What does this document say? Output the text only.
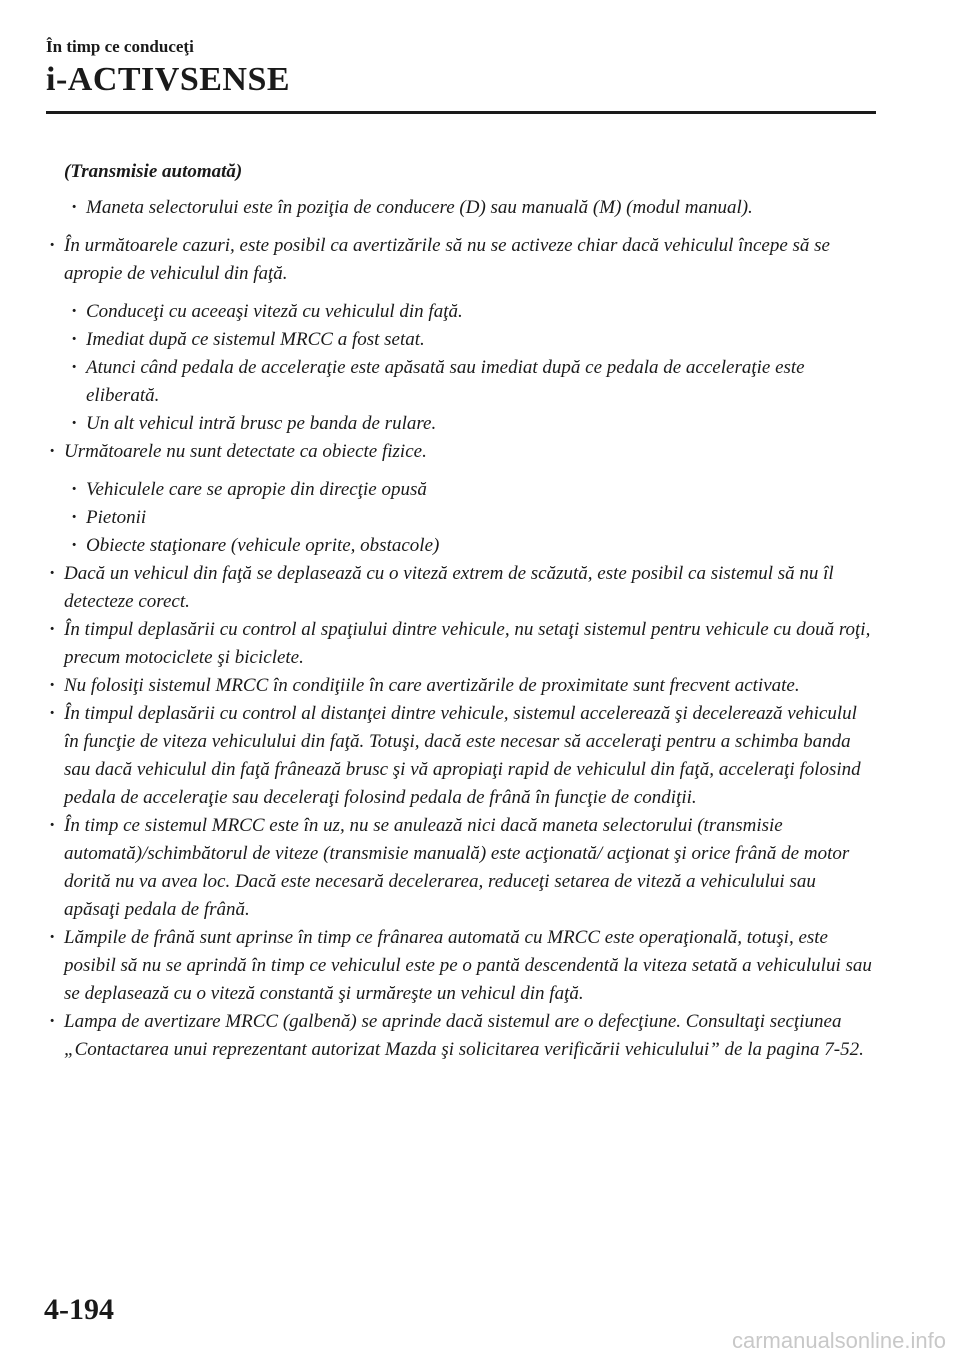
În timp ce conduceţi
i-ACTIVSENSE
(Transmisie automată)
· Maneta selectorului este în poziţia de conducere (D) sau manuală (M) (modul manual).
· În următoarele cazuri, este posibil ca avertizările să nu se activeze chiar dacă vehiculul începe să se apropie de vehiculul din faţă.
· Conduceţi cu aceeaşi viteză cu vehiculul din faţă.
· Imediat după ce sistemul MRCC a fost setat.
· Atunci când pedala de acceleraţie este apăsată sau imediat după ce pedala de acceleraţie este eliberată.
· Un alt vehicul intră brusc pe banda de rulare.
· Următoarele nu sunt detectate ca obiecte fizice.
· Vehiculele care se apropie din direcţie opusă
· Pietonii
· Obiecte staţionare (vehicule oprite, obstacole)
· Dacă un vehicul din faţă se deplasează cu o viteză extrem de scăzută, este posibil ca sistemul să nu îl detecteze corect.
· În timpul deplasării cu control al spaţiului dintre vehicule, nu setaţi sistemul pentru vehicule cu două roţi, precum motociclete şi biciclete.
· Nu folosiţi sistemul MRCC în condiţiile în care avertizările de proximitate sunt frecvent activate.
· În timpul deplasării cu control al distanţei dintre vehicule, sistemul accelerează şi decelerează vehiculul în funcţie de viteza vehiculului din faţă. Totuşi, dacă este necesar să acceleraţi pentru a schimba banda sau dacă vehiculul din faţă frânează brusc şi vă apropiaţi rapid de vehiculul din faţă, acceleraţi folosind pedala de acceleraţie sau deceleraţi folosind pedala de frână în funcţie de condiţii.
· În timp ce sistemul MRCC este în uz, nu se anulează nici dacă maneta selectorului (transmisie automată)/schimbătorul de viteze (transmisie manuală) este acţionată/ acţionat şi orice frână de motor dorită nu va avea loc. Dacă este necesară decelerarea, reduceţi setarea de viteză a vehiculului sau apăsaţi pedala de frână.
· Lămpile de frână sunt aprinse în timp ce frânarea automată cu MRCC este operaţională, totuşi, este posibil să nu se aprindă în timp ce vehiculul este pe o pantă descendentă la viteza setată a vehiculului sau se deplasează cu o viteză constantă şi urmăreşte un vehicul din faţă.
· Lampa de avertizare MRCC (galbenă) se aprinde dacă sistemul are o defecţiune. Consultaţi secţiunea „Contactarea unui reprezentant autorizat Mazda şi solicitarea verificării vehiculului” de la pagina 7-52.
4-194
carmanualsonline.info
